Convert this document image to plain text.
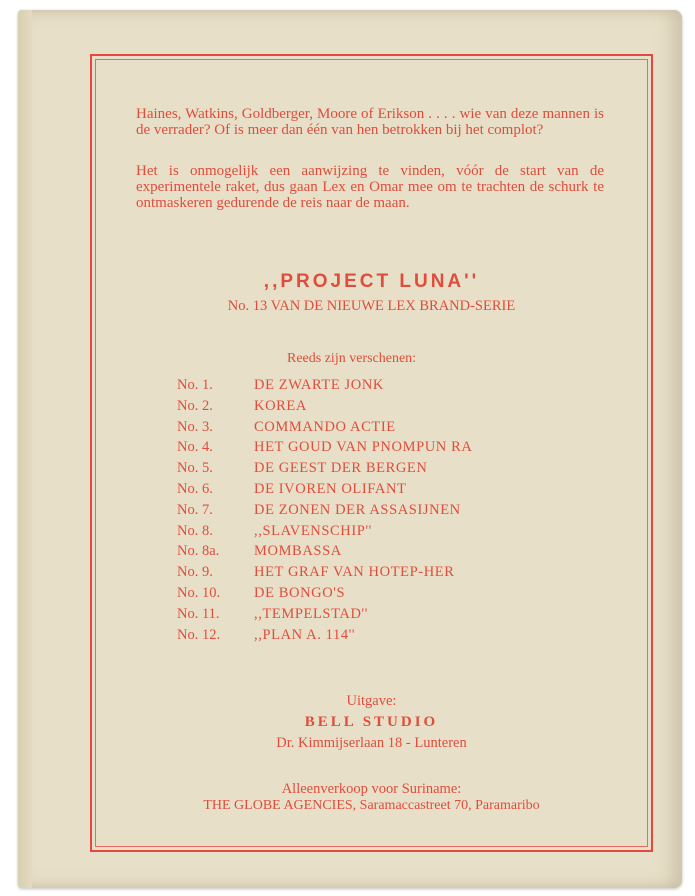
Haines, Watkins, Goldberger, Moore of Erikson . . . . wie van deze mannen is de verrader? Of is meer dan één van hen betrokken bij het complot?

Het is onmogelijk een aanwijzing te vinden, vóór de start van de experimentele raket, dus gaan Lex en Omar mee om te trachten de schurk te ontmaskeren gedurende de reis naar de maan.

,,PROJECT LUNA''
No. 13 VAN DE NIEUWE LEX BRAND-SERIE
Reeds zijn verschenen:
No. 1.	DE ZWARTE JONK
No. 2.	KOREA
No. 3.	COMMANDO ACTIE
No. 4.	HET GOUD VAN PNOMPUN RA
No. 5.	DE GEEST DER BERGEN
No. 6.	DE IVOREN OLIFANT
No. 7.	DE ZONEN DER ASSASIJNEN
No. 8.	,,SLAVENSCHIP''
No. 8a. MOMBASSA
No. 9.	HET GRAF VAN HOTEP-HER
No. 10. DE BONGO'S
No. 11. ,,TEMPELSTAD''
No. 12. ,,PLAN A. 114''
Uitgave:
BELL STUDIO
Dr. Kimmijserlaan 18 - Lunteren
Alleenverkoop voor Suriname:
THE GLOBE AGENCIES, Saramaccastreet 70, Paramaribo
